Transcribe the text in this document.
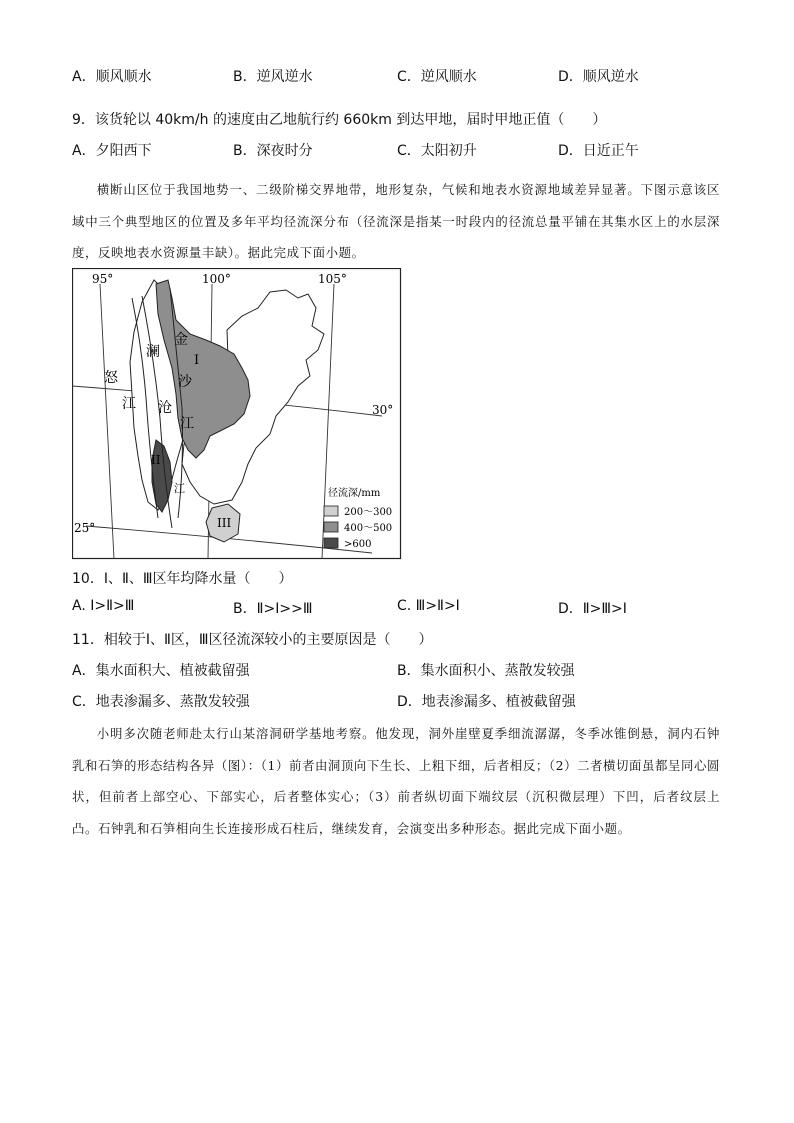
A．顺风顺水	B．逆风逆水	C．逆风顺水	D．顺风逆水
9．该货轮以 40km/h 的速度由乙地航行约 660km 到达甲地，届时甲地正值（　　）
A．夕阳西下	B．深夜时分	C．太阳初升	D．日近正午
横断山区位于我国地势一、二级阶梯交界地带，地形复杂，气候和地表水资源地域差异显著。下图示意该区域中三个典型地区的位置及多年平均径流深分布（径流深是指某一时段内的径流总量平铺在其集水区上的水层深度，反映地表水资源量丰缺）。据此完成下面小题。
95°	100°	105°
30°
25°
金
沙
江
澜
沧
江
怒
江
I
II
III
径流深/mm
200～300
400～500
>600
10．Ⅰ、Ⅱ、Ⅲ区年均降水量（　　）
A. Ⅰ>Ⅱ>Ⅲ	B．Ⅱ>Ⅰ>>Ⅲ	C. Ⅲ>Ⅱ>Ⅰ	D．Ⅱ>Ⅲ>Ⅰ
11．相较于Ⅰ、Ⅱ区，Ⅲ区径流深较小的主要原因是（　　）
A．集水面积大、植被截留强	B．集水面积小、蒸散发较强
C．地表渗漏多、蒸散发较强	D．地表渗漏多、植被截留强
小明多次随老师赴太行山某溶洞研学基地考察。他发现，洞外崖壁夏季细流潺潺，冬季冰锥倒悬，洞内石钟乳和石笋的形态结构各异（图）：（1）前者由洞顶向下生长、上粗下细，后者相反；（2）二者横切面虽都呈同心圆状，但前者上部空心、下部实心，后者整体实心；（3）前者纵切面下端纹层（沉积微层理）下凹，后者纹层上凸。石钟乳和石笋相向生长连接形成石柱后，继续发育，会演变出多种形态。据此完成下面小题。
